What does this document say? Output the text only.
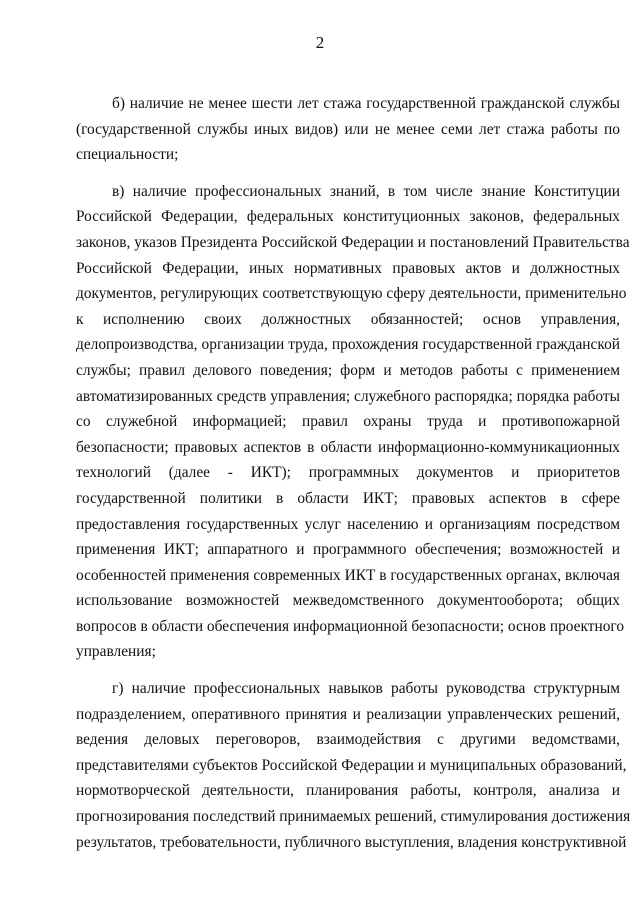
2
б) наличие не менее шести лет стажа государственной гражданской службы
(государственной службы иных видов) или не менее семи лет стажа работы по
специальности;
в) наличие профессиональных знаний, в том числе знание Конституции
Российской Федерации, федеральных конституционных законов, федеральных
законов, указов Президента Российской Федерации и постановлений Правительства
Российской Федерации, иных нормативных правовых актов и должностных
документов, регулирующих соответствующую сферу деятельности, применительно
к исполнению своих должностных обязанностей; основ управления,
делопроизводства, организации труда, прохождения государственной гражданской
службы; правил делового поведения; форм и методов работы с применением
автоматизированных средств управления; служебного распорядка; порядка работы
со служебной информацией; правил охраны труда и противопожарной
безопасности; правовых аспектов в области информационно-коммуникационных
технологий (далее - ИКТ); программных документов и приоритетов
государственной политики в области ИКТ; правовых аспектов в сфере
предоставления государственных услуг населению и организациям посредством
применения ИКТ; аппаратного и программного обеспечения; возможностей и
особенностей применения современных ИКТ в государственных органах, включая
использование возможностей межведомственного документооборота; общих
вопросов в области обеспечения информационной безопасности; основ проектного
управления;
г) наличие профессиональных навыков работы руководства структурным
подразделением, оперативного принятия и реализации управленческих решений,
ведения деловых переговоров, взаимодействия с другими ведомствами,
представителями субъектов Российской Федерации и муниципальных образований,
нормотворческой деятельности, планирования работы, контроля, анализа и
прогнозирования последствий принимаемых решений, стимулирования достижения
результатов, требовательности, публичного выступления, владения конструктивной
